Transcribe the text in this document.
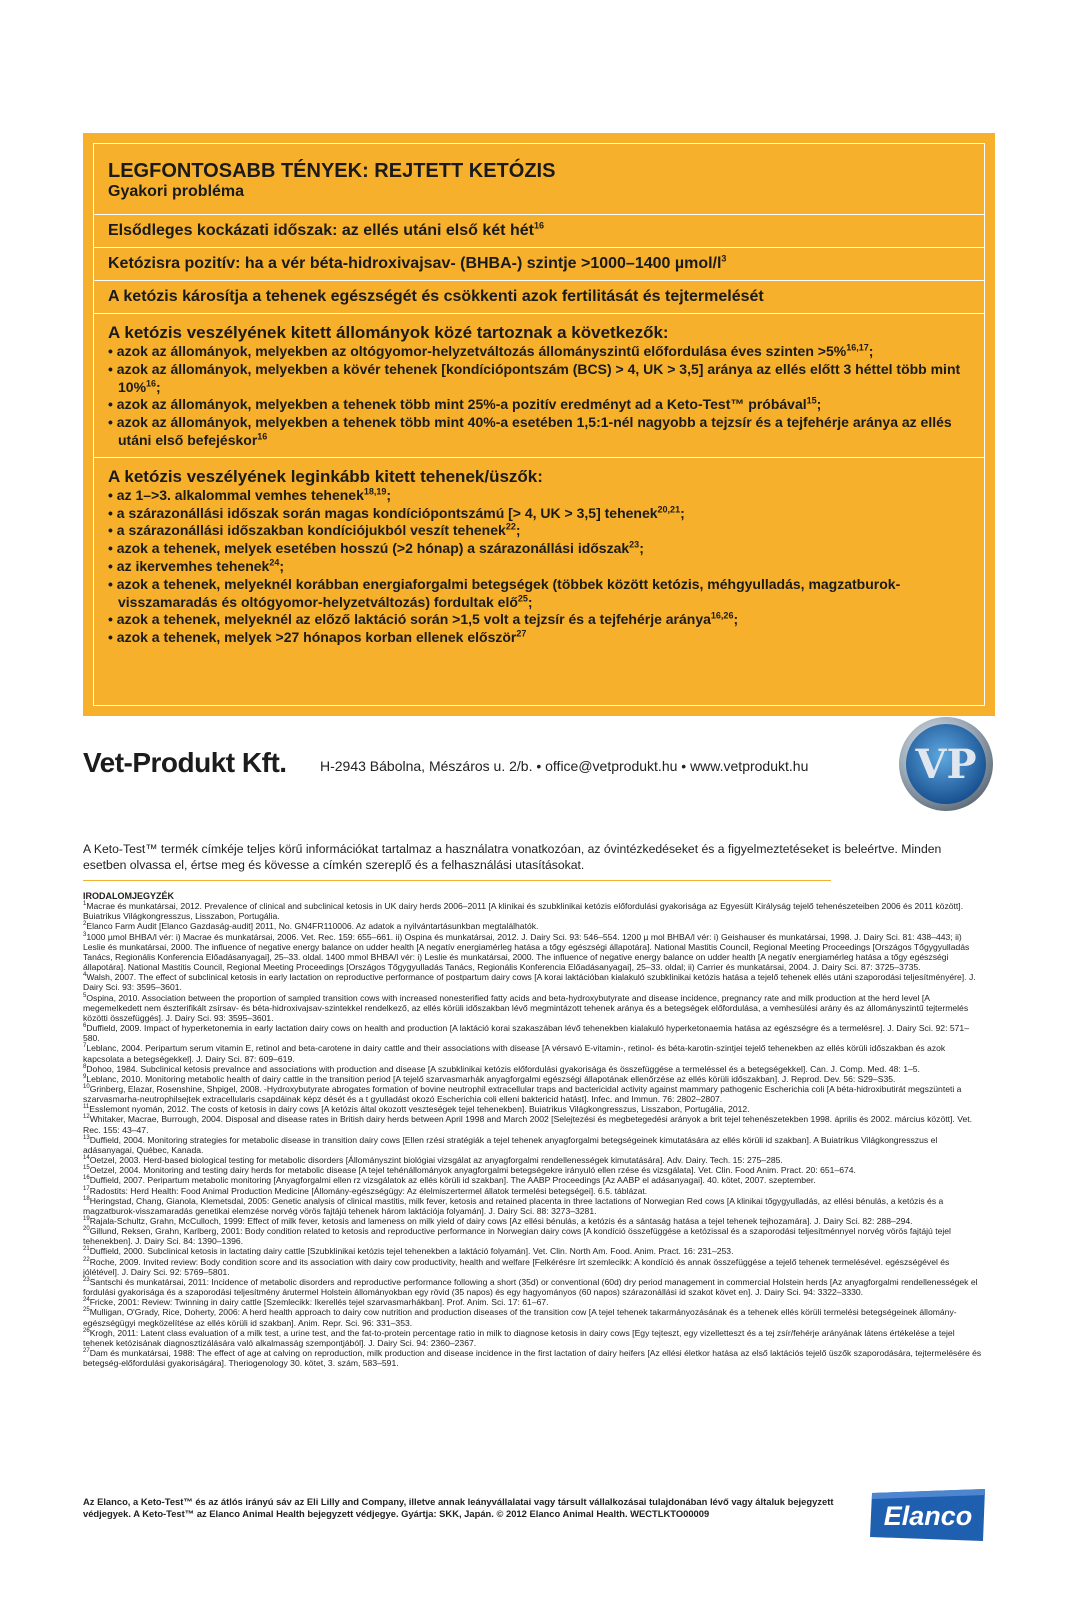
LEGFONTOSABB TÉNYEK: REJTETT KETÓZIS

Gyakori probléma

Elsődleges kockázati időszak: az ellés utáni első két hét$^{16}$
Ketózisra pozitív: ha a vér béta-hidroxivajsav- (BHBA-) szintje >1000–1400 µmol/$l^3$
A ketózis károsítja a tehenek egészségét és csökkenti azok fertilitását és tejtermelését
A ketózis veszélyének kitett állományok közé tartoznak a következők:
• azok az állományok, melyekben az oltógyomor-helyzetváltozás állományszintű előfordulása éves szinten >5%$^{16,17}$;
• azok az állományok, melyekben a kövér tehenek [kondíciópontszám (BCS) > 4, UK > 3,5] aránya az ellés előtt 3 héttel több mint 10%$^{16}$;
• azok az állományok, melyekben a tehenek több mint 25%-a pozitív eredményt ad a Keto-Test™ próbával$^{15}$;
• azok az állományok, melyekben a tehenek több mint 40%-a esetében 1,5:1-nél nagyobb a tejzsír és a tejfehérje aránya az ellés utáni első befejéskor$^{16}$
A ketózis veszélyének leginkább kitett tehenek/üszők:
• az 1–>3. alkalommal vemhes tehenek$^{18,19}$;
• a szárazonállási időszak során magas kondíciópontszámú [> 4, UK > 3,5] tehenek$^{20,21}$;
• a szárazonállási időszakban kondíciójukból veszít tehenek$^{22}$;
• azok a tehenek, melyek esetében hosszú (>2 hónap) a szárazonállási időszak$^{23}$;
• az ikervemhes tehenek$^{24}$;
• azok a tehenek, melyeknél korábban energiaforgalmi betegségek (többek között ketózis, méhgyulladás, magzatburok-visszamaradás és oltógyomor-helyzetváltozás) fordultak elő$^{25}$;
• azok a tehenek, melyeknél az előző laktáció során >1,5 volt a tejzsír és a tejfehérje aránya$^{16,26}$;
• azok a tehenek, melyek >27 hónapos korban ellenek először$^{27}$
Vet-Produkt Kft. H-2943 Bábolna, Mészáros u. 2/b. • office@vetprodukt.hu • www.vetprodukt.hu	VP
A Keto-Test™ termék címkéje teljes körű információkat tartalmaz a használatra vonatkozóan, az óvintézkedéseket és a figyelmeztetéseket is beleértve. Minden esetben olvassa el, értse meg és kövesse a címkén szereplő és a felhasználási utasításokat.

IRODALOMJEGYZÉK

$^1$Macrae és munkatársai, 2012. Prevalence of clinical and subclinical ketosis in UK dairy herds 2006–2011 [A klinikai és szubklinikai ketózis előfordulási gyakorisága az Egyesült Királyság tejelő tehenészeteiben 2006 és 2011 között]. Buiatrikus Világkongresszus, Lisszabon, Portugália.

$^2$Elanco Farm Audit [Elanco Gazdaság-audit] 2011, No. GN4FR110006. Az adatok a nyilvántartásunkban megtalálhatók.

$^3$1000 µmol BHBA/l vér: i) Macrae és munkatársai, 2006. Vet. Rec. 159: 655–661. ii) Ospina és munkatársai, 2012. J. Dairy Sci. 93: 546–554. 1200 µ mol BHBA/l vér: i) Geishauser és munkatársai, 1998. J. Dairy Sci. 81: 438–443; ii) Leslie és munkatársai, 2000. The influence of negative energy balance on udder health [A negatív energiamérleg hatása a tőgy egészségi állapotára]. National Mastitis Council, Regional Meeting Proceedings [Országos Tőgygyulladás Tanács, Regionális Konferencia Előadásanyagai], 25–33. oldal. 1400 mmol BHBA/l vér: i) Leslie és munkatársai, 2000. The influence of negative energy balance on udder health [A negatív energiamérleg hatása a tőgy egészségi állapotára]. National Mastitis Council, Regional Meeting Proceedings [Országos Tőgygyulladás Tanács, Regionális Konferencia Előadásanyagai], 25–33. oldal; ii) Carrier és munkatársai, 2004. J. Dairy Sci. 87: 3725–3735.

$^4$Walsh, 2007. The effect of subclinical ketosis in early lactation on reproductive performance of postpartum dairy cows [A korai laktációban kialakuló szubklinikai ketózis hatása a tejelő tehenek ellés utáni szaporodási teljesítményére]. J. Dairy Sci. 93: 3595–3601.

$^5$Ospina, 2010. Association between the proportion of sampled transition cows with increased nonesterified fatty acids and beta-hydroxybutyrate and disease incidence, pregnancy rate and milk production at the herd level [A megemelkedett nem észterifikált zsírsav- és béta-hidroxivajsav-szintekkel rendelkező, az ellés körüli időszakban lévő megmintázott tehenek aránya és a betegségek előfordulása, a vemhesülési arány és az állományszintű tejtermelés közötti összefüggés]. J. Dairy Sci. 93: 3595–3601.

$^6$Duffield, 2009. Impact of hyperketonemia in early lactation dairy cows on health and production [A laktáció korai szakaszában lévő tehenekben kialakuló hyperketonaemia hatása az egészségre és a termelésre]. J. Dairy Sci. 92: 571–580.

$^7$Leblanc, 2004. Peripartum serum vitamin E, retinol and beta-carotene in dairy cattle and their associations with disease [A vérsavó E-vitamin-, retinol- és béta-karotin-szintjei tejelő tehenekben az ellés körüli időszakban és azok kapcsolata a betegségekkel]. J. Dairy Sci. 87: 609–619.

$^8$Dohoo, 1984. Subclinical ketosis prevalnce and associations with production and disease [A szubklinikai ketózis előfordulási gyakorisága és összefüggése a termeléssel és a betegségekkel]. Can. J. Comp. Med. 48: 1–5.

$^9$Leblanc, 2010. Monitoring metabolic health of dairy cattle in the transition period [A tejelő szarvasmarhák anyagforgalmi egészségi állapotának ellenőrzése az ellés körüli időszakban]. J. Reprod. Dev. 56: S29–S35.

$^{10}$Grinberg, Elazar, Rosenshine, Shpigel, 2008. -Hydroxybutyrate abrogates formation of bovine neutrophil extracellular traps and bactericidal activity against mammary pathogenic Escherichia coli [A béta-hidroxibutirát megszünteti a szarvasmarha-neutrophilsejtek extracellularis csapdáinak képz dését és a t gyulladást okozó Escherichia coli elleni baktericid hatást]. Infec. and Immun. 76: 2802–2807.

$^{11}$Esslemont nyomán, 2012. The costs of ketosis in dairy cows [A ketózis által okozott veszteségek tejel tehenekben]. Buiatrikus Világkongresszus, Lisszabon, Portugália, 2012.

$^{12}$Whitaker, Macrae, Burrough, 2004. Disposal and disease rates in British dairy herds between April 1998 and March 2002 [Selejtezési és megbetegedési arányok a brit tejel tehenészetekben 1998. április és 2002. március között]. Vet. Rec. 155: 43–47.

$^{13}$Duffield, 2004. Monitoring strategies for metabolic disease in transition dairy cows [Ellen rzési stratégiák a tejel tehenek anyagforgalmi betegségeinek kimutatására az ellés körüli id szakban]. A Buiatrikus Világkongresszus el adásanyagai, Québec, Kanada.

$^{14}$Oetzel, 2003. Herd-based biological testing for metabolic disorders [Állományszint biológiai vizsgálat az anyagforgalmi rendellenességek kimutatására]. Adv. Dairy. Tech. 15: 275–285.

$^{15}$Oetzel, 2004. Monitoring and testing dairy herds for metabolic disease [A tejel tehénállományok anyagforgalmi betegségekre irányuló ellen rzése és vizsgálata]. Vet. Clin. Food Anim. Pract. 20: 651–674.

$^{16}$Duffield, 2007. Peripartum metabolic monitoring [Anyagforgalmi ellen rz vizsgálatok az ellés körüli id szakban]. The AABP Proceedings [Az AABP el adásanyagai]. 40. kötet, 2007. szeptember.

$^{17}$Radostits: Herd Health: Food Animal Production Medicine [Állomány-egészségügy: Az élelmiszertermel állatok termelési betegségei]. 6.5. táblázat.

$^{18}$Heringstad, Chang, Gianola, Klemetsdal, 2005: Genetic analysis of clinical mastitis, milk fever, ketosis and retained placenta in three lactations of Norwegian Red cows [A klinikai tőgygyulladás, az ellési bénulás, a ketózis és a magzatburok-visszamaradás genetikai elemzése norvég vörös fajtájú tehenek három laktációja folyamán]. J. Dairy Sci. 88: 3273–3281.

$^{19}$Rajala-Schultz, Grahn, McCulloch, 1999: Effect of milk fever, ketosis and lameness on milk yield of dairy cows [Az ellési bénulás, a ketózis és a sántaság hatása a tejel tehenek tejhozamára]. J. Dairy Sci. 82: 288–294.

$^{20}$Gillund, Reksen, Grahn, Karlberg, 2001: Body condition related to ketosis and reproductive performance in Norwegian dairy cows [A kondíció összefüggése a ketózissal és a szaporodási teljesítménnyel norvég vörös fajtájú tejel tehenekben]. J. Dairy Sci. 84: 1390–1396.

$^{21}$Duffield, 2000. Subclinical ketosis in lactating dairy cattle [Szubklinikai ketózis tejel tehenekben a laktáció folyamán]. Vet. Clin. North Am. Food. Anim. Pract. 16: 231–253.

$^{22}$Roche, 2009. Invited review: Body condition score and its association with dairy cow productivity, health and welfare [Felkérésre írt szemlecikk: A kondíció és annak összefüggése a tejelő tehenek termelésével. egészségével és jólétével]. J. Dairy Sci. 92: 5769–5801.

$^{23}$Santschi és munkatársai, 2011: Incidence of metabolic disorders and reproductive performance following a short (35d) or conventional (60d) dry period management in commercial Holstein herds [Az anyagforgalmi rendellenességek el fordulási gyakorisága és a szaporodási teljesítmény árutermel Holstein állományokban egy rövid (35 napos) és egy hagyományos (60 napos) szárazonállási id szakot követ en]. J. Dairy Sci. 94: 3322–3330.

$^{24}$Fricke, 2001: Review: Twinning in dairy cattle [Szemlecikk: Ikerellés tejel szarvasmarhákban]. Prof. Anim. Sci. 17: 61–67.

$^{25}$Mulligan, O'Grady, Rice, Doherty, 2006: A herd health approach to dairy cow nutrition and production diseases of the transition cow [A tejel tehenek takarmányozásának és a tehenek ellés körüli termelési betegségeinek állomány-egészségügyi megközelítése az ellés körüli id szakban]. Anim. Repr. Sci. 96: 331–353.

$^{26}$Krogh, 2011: Latent class evaluation of a milk test, a urine test, and the fat-to-protein percentage ratio in milk to diagnose ketosis in dairy cows [Egy tejteszt, egy vizelletteszt és a tej zsír/fehérje arányának látens értékelése a tejel tehenek ketózisának diagnosztizálására való alkalmasság szempontjából]. J. Dairy Sci. 94: 2360–2367.

$^{27}$Dam és munkatársai, 1988: The effect of age at calving on reproduction, milk production and disease incidence in the first lactation of dairy heifers [Az ellési életkor hatása az első laktációs tejelő üszők szaporodására, tejtermelésére és betegség-előfordulási gyakoriságára]. Theriogenology 30. kötet, 3. szám, 583–591.

Az Elanco, a Keto-Test™ és az átlós irányú sáv az Eli Lilly and Company, illetve annak leányvállalatai vagy társult vállalkozásai tulajdonában lévő vagy általuk bejegyzett védjegyek. A Keto-Test™ az Elanco Animal Health bejegyzett védjegye. Gyártja: SKK, Japán. © 2012 Elanco Animal Health. WECTLKTO00009	Elanco
